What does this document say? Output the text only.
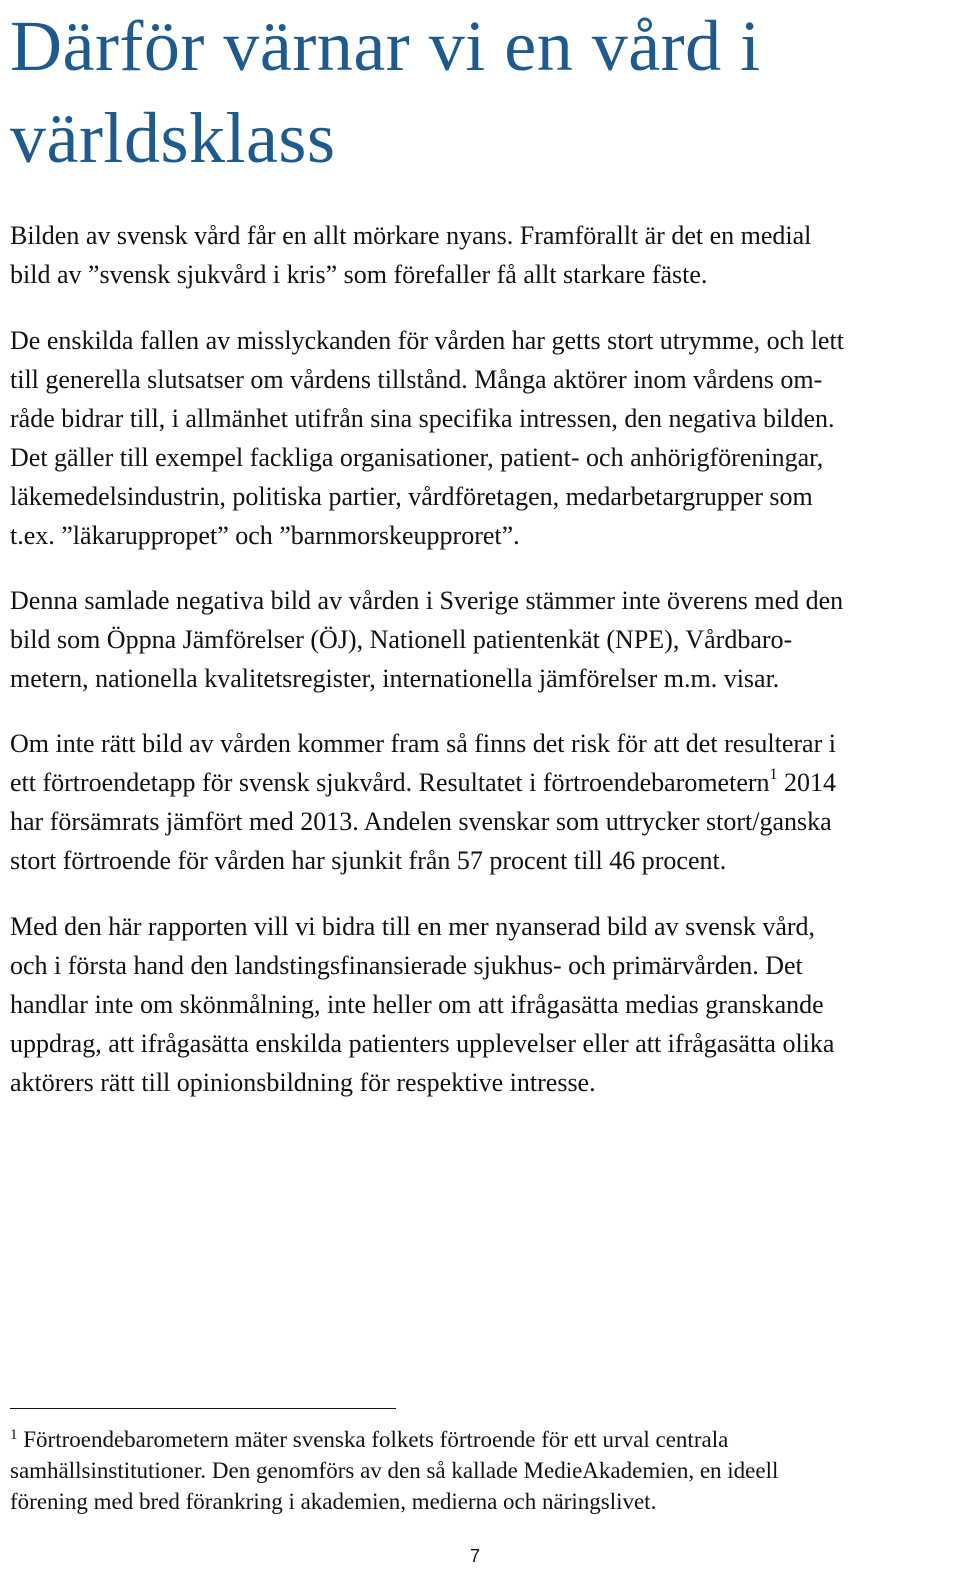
Därför värnar vi en vård i
världsklass

Bilden av svensk vård får en allt mörkare nyans. Framförallt är det en medial
bild av ”svensk sjukvård i kris” som förefaller få allt starkare fäste.

De enskilda fallen av misslyckanden för vården har getts stort utrymme, och lett
till generella slutsatser om vårdens tillstånd. Många aktörer inom vårdens om-
råde bidrar till, i allmänhet utifrån sina specifika intressen, den negativa bilden.
Det gäller till exempel fackliga organisationer, patient- och anhörigföreningar,
läkemedelsindustrin, politiska partier, vårdföretagen, medarbetargrupper som
t.ex. ”läkaruppropet” och ”barnmorskeupproret”.

Denna samlade negativa bild av vården i Sverige stämmer inte överens med den
bild som Öppna Jämförelser (ÖJ), Nationell patientenkät (NPE), Vårdbaro-
metern, nationella kvalitetsregister, internationella jämförelser m.m. visar.

Om inte rätt bild av vården kommer fram så finns det risk för att det resulterar i
ett förtroendetapp för svensk sjukvård. Resultatet i förtroendebarometern$^1$ 2014
har försämrats jämfört med 2013. Andelen svenskar som uttrycker stort/ganska
stort förtroende för vården har sjunkit från 57 procent till 46 procent.

Med den här rapporten vill vi bidra till en mer nyanserad bild av svensk vård,
och i första hand den landstingsfinansierade sjukhus- och primärvården. Det
handlar inte om skönmålning, inte heller om att ifrågasätta medias granskande
uppdrag, att ifrågasätta enskilda patienters upplevelser eller att ifrågasätta olika
aktörers rätt till opinionsbildning för respektive intresse.

$^1$ Förtroendebarometern mäter svenska folkets förtroende för ett urval centrala
samhällsinstitutioner. Den genomförs av den så kallade MedieAkademien, en ideell
förening med bred förankring i akademien, medierna och näringslivet.

7
